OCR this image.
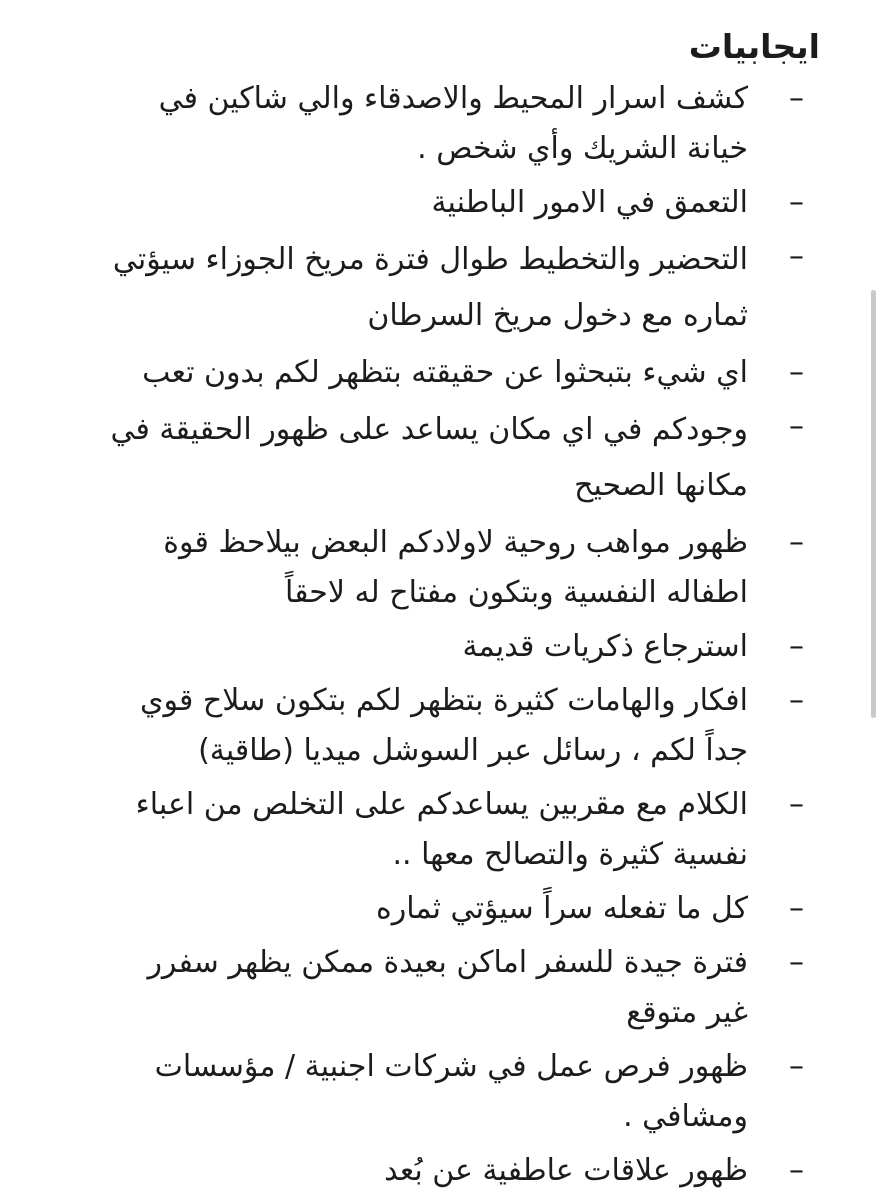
ايجابيات
–
كشف اسرار المحيط والاصدقاء والي شاكين في خيانة الشريك وأي شخص .
–
التعمق في الامور الباطنية
–
التحضير والتخطيط طوال فترة مريخ الجوزاء سيؤتي ثماره مع دخول مريخ السرطان
–
اي شيء بتبحثوا عن حقيقته بتظهر لكم بدون تعب
–
وجودكم في اي مكان يساعد على ظهور الحقيقة في مكانها الصحيح
–
ظهور مواهب روحية لاولادكم البعض بيلاحظ قوة اطفاله النفسية وبتكون مفتاح له لاحقاً
–
استرجاع ذكريات قديمة
–
افكار والهامات كثيرة بتظهر لكم بتكون سلاح قوي جداً لكم ، رسائل عبر السوشل ميديا (طاقية)
–
الكلام مع مقربين يساعدكم على التخلص من اعباء نفسية كثيرة والتصالح معها ..
–
كل ما تفعله سراً سيؤتي ثماره
–
فترة جيدة للسفر اماكن بعيدة ممكن يظهر سفرر غير متوقع
–
ظهور فرص عمل في شركات اجنبية / مؤسسات ومشافي .
–
ظهور علاقات عاطفية عن بُعد
